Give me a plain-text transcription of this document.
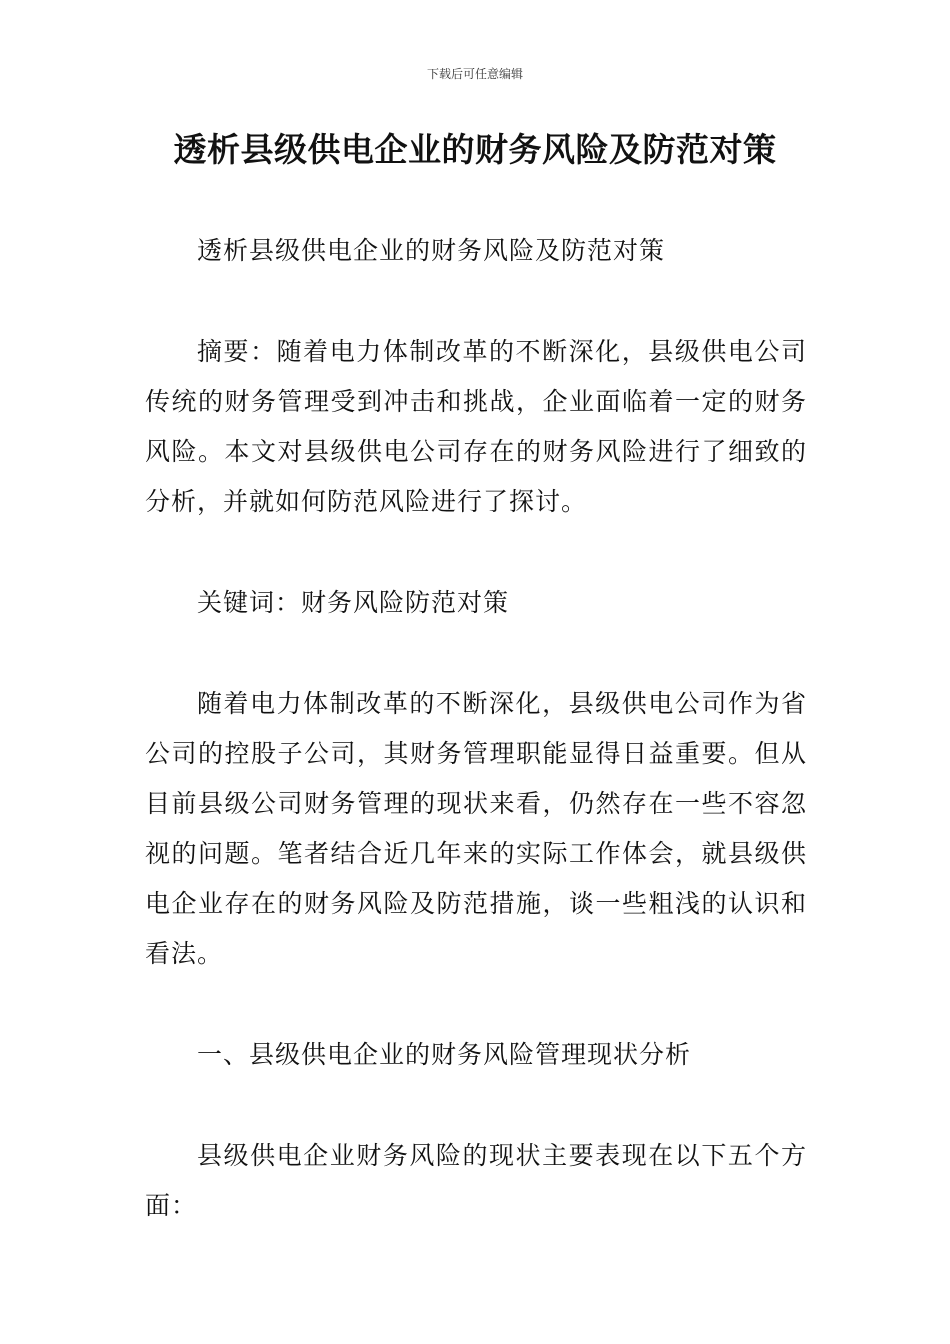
下载后可任意编辑
透析县级供电企业的财务风险及防范对策

透析县级供电企业的财务风险及防范对策

摘要：随着电力体制改革的不断深化，县级供电公司传统的财务管理受到冲击和挑战，企业面临着一定的财务风险。本文对县级供电公司存在的财务风险进行了细致的分析，并就如何防范风险进行了探讨。

关键词：财务风险防范对策

随着电力体制改革的不断深化，县级供电公司作为省公司的控股子公司，其财务管理职能显得日益重要。但从目前县级公司财务管理的现状来看，仍然存在一些不容忽视的问题。笔者结合近几年来的实际工作体会，就县级供电企业存在的财务风险及防范措施，谈一些粗浅的认识和看法。

一、县级供电企业的财务风险管理现状分析

县级供电企业财务风险的现状主要表现在以下五个方面：
